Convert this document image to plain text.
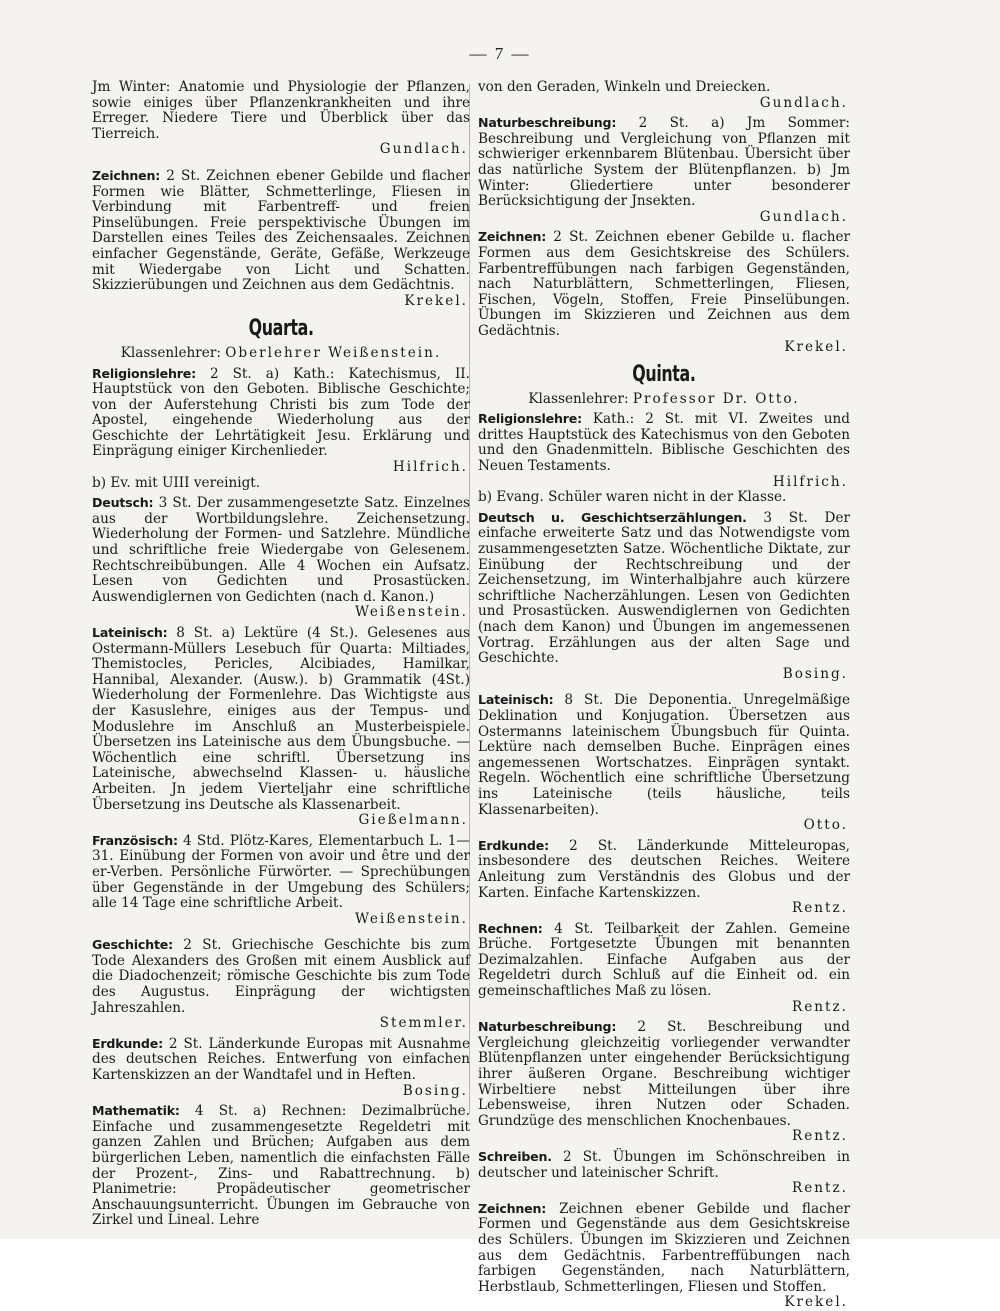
— 7 —

Jm Winter: Anatomie und Physiologie der Pflanzen, sowie einiges über Pflanzenkrankheiten und ihre Erreger. Niedere Tiere und Überblick über das Tierreich.
Gundlach.

Zeichnen: 2 St. Zeichnen ebener Gebilde und flacher Formen wie Blätter, Schmetterlinge, Fliesen in Verbindung mit Farbentreff- und freien Pinselübungen. Freie perspektivische Übungen im Darstellen eines Teiles des Zeichensaales. Zeichnen einfacher Gegenstände, Geräte, Gefäße, Werkzeuge mit Wiedergabe von Licht und Schatten. Skizzierübungen und Zeichnen aus dem Gedächtnis.
Krekel.

Quarta.

Klassenlehrer: Oberlehrer Weißenstein.

Religionslehre: 2 St. a) Kath.: Katechismus, II. Hauptstück von den Geboten. Biblische Geschichte; von der Auferstehung Christi bis zum Tode der Apostel, eingehende Wiederholung aus der Geschichte der Lehrtätigkeit Jesu. Erklärung und Einprägung einiger Kirchenlieder.
Hilfrich.

b) Ev. mit UIII vereinigt.

Deutsch: 3 St. Der zusammengesetzte Satz. Einzelnes aus der Wortbildungslehre. Zeichensetzung. Wiederholung der Formen- und Satzlehre. Mündliche und schriftliche freie Wiedergabe von Gelesenem. Rechtschreibübungen. Alle 4 Wochen ein Aufsatz. Lesen von Gedichten und Prosastücken. Auswendiglernen von Gedichten (nach d. Kanon.)
Weißenstein.

Lateinisch: 8 St. a) Lektüre (4 St.). Gelesenes aus Ostermann-Müllers Lesebuch für Quarta: Miltiades, Themistocles, Pericles, Alcibiades, Hamilkar, Hannibal, Alexander. (Ausw.). b) Grammatik (4St.) Wiederholung der Formenlehre. Das Wichtigste aus der Kasuslehre, einiges aus der Tempus- und Moduslehre im Anschluß an Musterbeispiele. Übersetzen ins Lateinische aus dem Übungsbuche. — Wöchentlich eine schriftl. Übersetzung ins Lateinische, abwechselnd Klassen- u. häusliche Arbeiten. Jn jedem Vierteljahr eine schriftliche Übersetzung ins Deutsche als Klassenarbeit.
Gießelmann.

Französisch: 4 Std. Plötz-Kares, Elementarbuch L. 1—31. Einübung der Formen von avoir und être und der er-Verben. Persönliche Fürwörter. — Sprechübungen über Gegenstände in der Umgebung des Schülers; alle 14 Tage eine schriftliche Arbeit.
Weißenstein.

Geschichte: 2 St. Griechische Geschichte bis zum Tode Alexanders des Großen mit einem Ausblick auf die Diadochenzeit; römische Geschichte bis zum Tode des Augustus. Einprägung der wichtigsten Jahreszahlen.
Stemmler.

Erdkunde: 2 St. Länderkunde Europas mit Ausnahme des deutschen Reiches. Entwerfung von einfachen Kartenskizzen an der Wandtafel und in Heften.
Bosing.

Mathematik: 4 St. a) Rechnen: Dezimalbrüche. Einfache und zusammengesetzte Regeldetri mit ganzen Zahlen und Brüchen; Aufgaben aus dem bürgerlichen Leben, namentlich die einfachsten Fälle der Prozent-, Zins- und Rabattrechnung. b) Planimetrie: Propädeutischer geometrischer Anschauungsunterricht. Übungen im Gebrauche von Zirkel und Lineal. Lehre

von den Geraden, Winkeln und Dreiecken.
Gundlach.

Naturbeschreibung: 2 St. a) Jm Sommer: Beschreibung und Vergleichung von Pflanzen mit schwieriger erkennbarem Blütenbau. Übersicht über das natürliche System der Blütenpflanzen. b) Jm Winter: Gliedertiere unter besonderer Berücksichtigung der Jnsekten.
Gundlach.

Zeichnen: 2 St. Zeichnen ebener Gebilde u. flacher Formen aus dem Gesichtskreise des Schülers. Farbentreffübungen nach farbigen Gegenständen, nach Naturblättern, Schmetterlingen, Fliesen, Fischen, Vögeln, Stoffen, Freie Pinselübungen. Übungen im Skizzieren und Zeichnen aus dem Gedächtnis.
Krekel.

Quinta.

Klassenlehrer: Professor Dr. Otto.

Religionslehre: Kath.: 2 St. mit VI. Zweites und drittes Hauptstück des Katechismus von den Geboten und den Gnadenmitteln. Biblische Geschichten des Neuen Testaments.
Hilfrich.

b) Evang. Schüler waren nicht in der Klasse.

Deutsch u. Geschichtserzählungen. 3 St. Der einfache erweiterte Satz und das Notwendigste vom zusammengesetzten Satze. Wöchentliche Diktate, zur Einübung der Rechtschreibung und der Zeichensetzung, im Winterhalbjahre auch kürzere schriftliche Nacherzählungen. Lesen von Gedichten und Prosastücken. Auswendiglernen von Gedichten (nach dem Kanon) und Übungen im angemessenen Vortrag. Erzählungen aus der alten Sage und Geschichte.
Bosing.

Lateinisch: 8 St. Die Deponentia. Unregelmäßige Deklination und Konjugation. Übersetzen aus Ostermanns lateinischem Übungsbuch für Quinta. Lektüre nach demselben Buche. Einprägen eines angemessenen Wortschatzes. Einprägen syntakt. Regeln. Wöchentlich eine schriftliche Übersetzung ins Lateinische (teils häusliche, teils Klassenarbeiten).
Otto.

Erdkunde: 2 St. Länderkunde Mitteleuropas, insbesondere des deutschen Reiches. Weitere Anleitung zum Verständnis des Globus und der Karten. Einfache Kartenskizzen.
Rentz.

Rechnen: 4 St. Teilbarkeit der Zahlen. Gemeine Brüche. Fortgesetzte Übungen mit benannten Dezimalzahlen. Einfache Aufgaben aus der Regeldetri durch Schluß auf die Einheit od. ein gemeinschaftliches Maß zu lösen.
Rentz.

Naturbeschreibung: 2 St. Beschreibung und Vergleichung gleichzeitig vorliegender verwandter Blütenpflanzen unter eingehender Berücksichtigung ihrer äußeren Organe. Beschreibung wichtiger Wirbeltiere nebst Mitteilungen über ihre Lebensweise, ihren Nutzen oder Schaden. Grundzüge des menschlichen Knochenbaues.
Rentz.

Schreiben. 2 St. Übungen im Schönschreiben in deutscher und lateinischer Schrift.
Rentz.

Zeichnen: Zeichnen ebener Gebilde und flacher Formen und Gegenstände aus dem Gesichtskreise des Schülers. Übungen im Skizzieren und Zeichnen aus dem Gedächtnis. Farbentreffübungen nach farbigen Gegenständen, nach Naturblättern, Herbstlaub, Schmetterlingen, Fliesen und Stoffen.
Krekel.
